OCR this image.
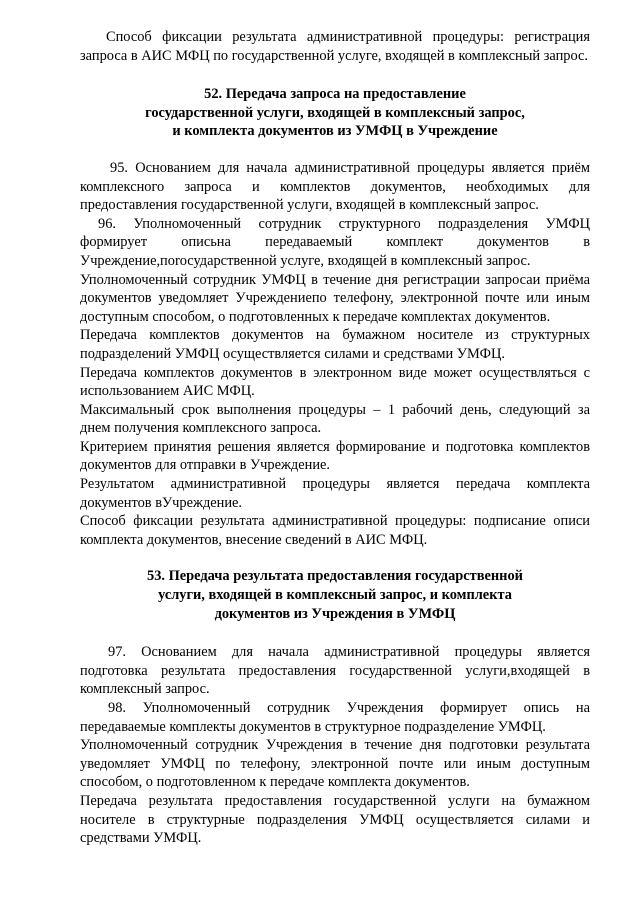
Способ фиксации результата административной процедуры: регистрация запроса в АИС МФЦ по государственной услуге, входящей в комплексный запрос.

52. Передача запроса на предоставление
государственной услуги, входящей в комплексный запрос,
и комплекта документов из УМФЦ в Учреждение

95. Основанием для начала административной процедуры является приём комплексного запроса и комплектов документов, необходимых для предоставления государственной услуги, входящей в комплексный запрос.

96. Уполномоченный сотрудник структурного подразделения УМФЦ формирует описьна передаваемый комплект документов в Учреждение,поrосударственной услуге, входящей в комплексный запрос.

Уполномоченный сотрудник УМФЦ в течение дня регистрации запросаи приёма документов уведомляет Учреждениепо телефону, электронной почте или иным доступным способом, о подготовленных к передаче комплектах документов.

Передача комплектов документов на бумажном носителе из структурных подразделений УМФЦ осуществляется силами и средствами УМФЦ.

Передача комплектов документов в электронном виде может осуществляться с использованием АИС МФЦ.

Максимальный срок выполнения процедуры – 1 рабочий день, следующий за днем получения комплексного запроса.

Критерием принятия решения является формирование и подготовка комплектов документов для отправки в Учреждение.

Результатом административной процедуры является передача комплекта документов вУчреждение.

Способ фиксации результата административной процедуры: подписание описи комплекта документов, внесение сведений в АИС МФЦ.

53. Передача результата предоставления государственной
услуги, входящей в комплексный запрос, и комплекта
документов из Учреждения в УМФЦ

97. Основанием для начала административной процедуры является подготовка результата предоставления государственной услуги,входящей в комплексный запрос.

98. Уполномоченный сотрудник Учреждения формирует опись на передаваемые комплекты документов в структурное подразделение УМФЦ.

Уполномоченный сотрудник Учреждения в течение дня подготовки результата уведомляет УМФЦ по телефону, электронной почте или иным доступным способом, о подготовленном к передаче комплекта документов.

Передача результата предоставления государственной услуги на бумажном носителе в структурные подразделения УМФЦ осуществляется силами и средствами УМФЦ.
